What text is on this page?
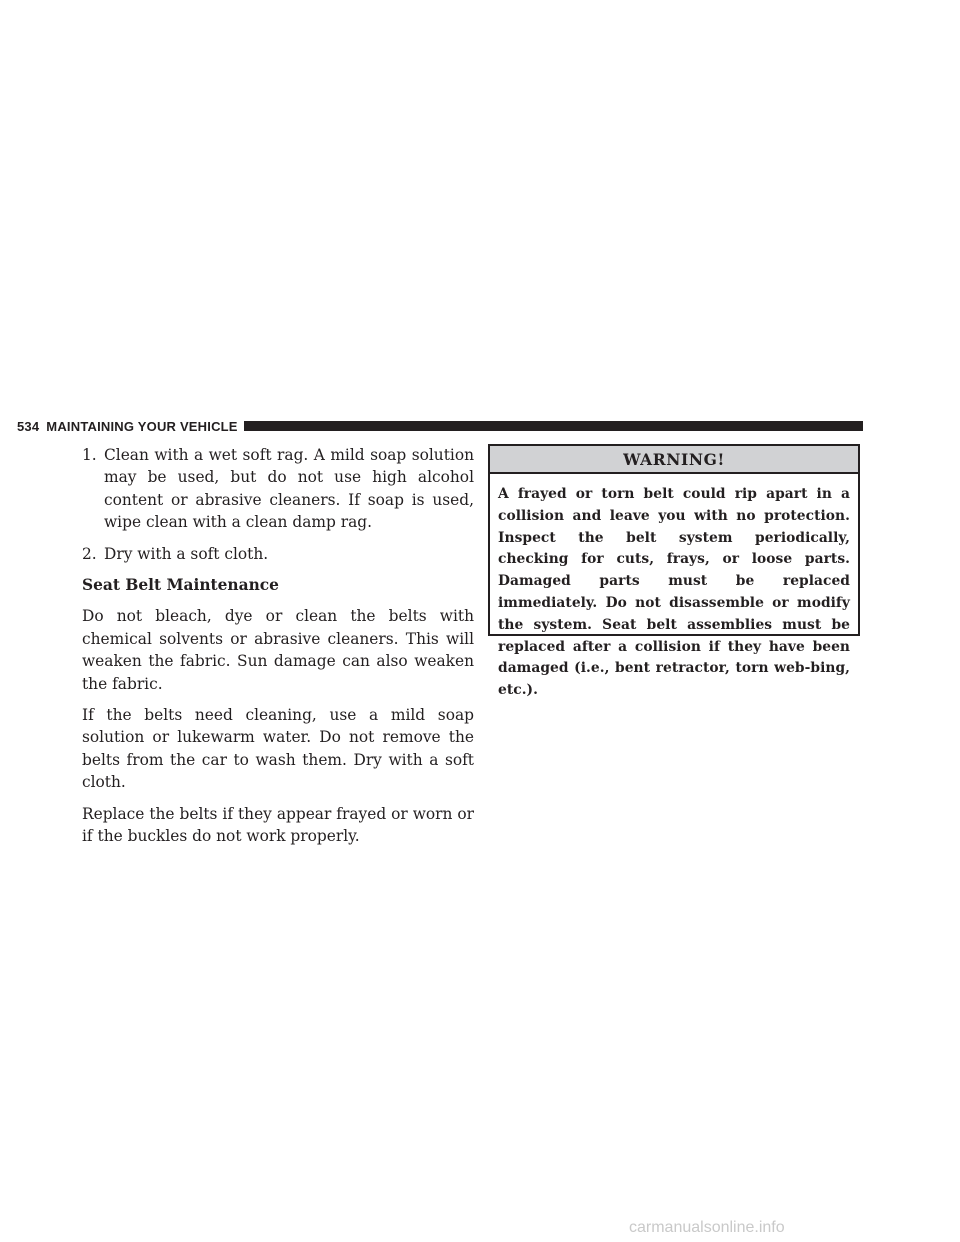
534 MAINTAINING YOUR VEHICLE
1. Clean with a wet soft rag. A mild soap solution may be used, but do not use high alcohol content or abrasive cleaners. If soap is used, wipe clean with a clean damp rag.
2. Dry with a soft cloth.
Seat Belt Maintenance

Do not bleach, dye or clean the belts with chemical solvents or abrasive cleaners. This will weaken the fabric. Sun damage can also weaken the fabric.

If the belts need cleaning, use a mild soap solution or lukewarm water. Do not remove the belts from the car to wash them. Dry with a soft cloth.

Replace the belts if they appear frayed or worn or if the buckles do not work properly.

WARNING!
A frayed or torn belt could rip apart in a collision and leave you with no protection. Inspect the belt system periodically, checking for cuts, frays, or loose parts. Damaged parts must be replaced immediately. Do not disassemble or modify the system. Seat belt assemblies must be replaced after a collision if they have been damaged (i.e., bent retractor, torn web-bing, etc.).
carmanualsonline.info
